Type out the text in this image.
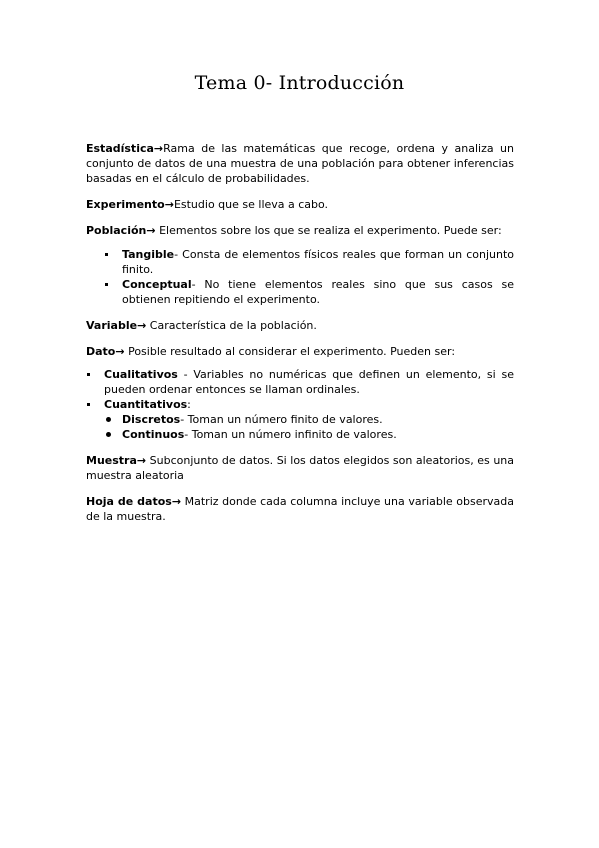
Tema 0- Introducción

Estadística→Rama de las matemáticas que recoge, ordena y analiza un conjunto de datos de una muestra de una población para obtener inferencias basadas en el cálculo de probabilidades.

Experimento→Estudio que se lleva a cabo.

Población→ Elementos sobre los que se realiza el experimento. Puede ser:

Tangible- Consta de elementos físicos reales que forman un conjunto finito.
Conceptual- No tiene elementos reales sino que sus casos se obtienen repitiendo el experimento.

Variable→ Característica de la población.

Dato→ Posible resultado al considerar el experimento. Pueden ser:

Cualitativos - Variables no numéricas que definen un elemento, si se pueden ordenar entonces se llaman ordinales.
Cuantitativos:
Discretos- Toman un número finito de valores.
Continuos- Toman un número infinito de valores.

Muestra→ Subconjunto de datos. Si los datos elegidos son aleatorios, es una muestra aleatoria

Hoja de datos→ Matriz donde cada columna incluye una variable observada de la muestra.
